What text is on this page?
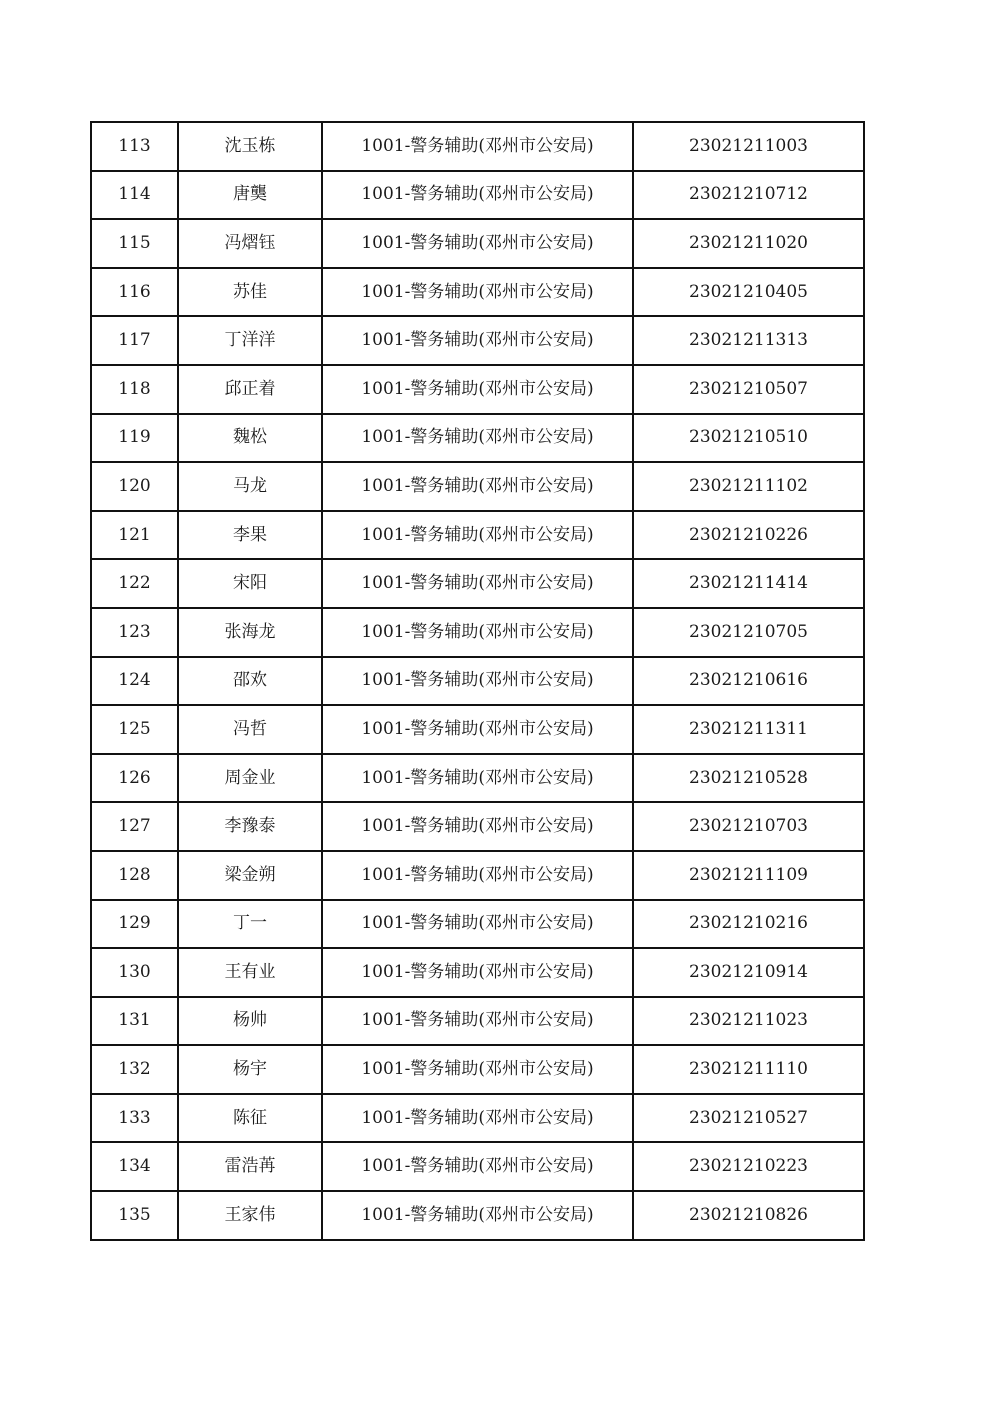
113	沈玉栋	1001-警务辅助(邓州市公安局)	23021211003
114	唐龑	1001-警务辅助(邓州市公安局)	23021210712
115	冯熠钰	1001-警务辅助(邓州市公安局)	23021211020
116	苏佳	1001-警务辅助(邓州市公安局)	23021210405
117	丁洋洋	1001-警务辅助(邓州市公安局)	23021211313
118	邱正着	1001-警务辅助(邓州市公安局)	23021210507
119	魏松	1001-警务辅助(邓州市公安局)	23021210510
120	马龙	1001-警务辅助(邓州市公安局)	23021211102
121	李果	1001-警务辅助(邓州市公安局)	23021210226
122	宋阳	1001-警务辅助(邓州市公安局)	23021211414
123	张海龙	1001-警务辅助(邓州市公安局)	23021210705
124	邵欢	1001-警务辅助(邓州市公安局)	23021210616
125	冯哲	1001-警务辅助(邓州市公安局)	23021211311
126	周金业	1001-警务辅助(邓州市公安局)	23021210528
127	李豫泰	1001-警务辅助(邓州市公安局)	23021210703
128	梁金朔	1001-警务辅助(邓州市公安局)	23021211109
129	丁一	1001-警务辅助(邓州市公安局)	23021210216
130	王有业	1001-警务辅助(邓州市公安局)	23021210914
131	杨帅	1001-警务辅助(邓州市公安局)	23021211023
132	杨宇	1001-警务辅助(邓州市公安局)	23021211110
133	陈征	1001-警务辅助(邓州市公安局)	23021210527
134	雷浩苒	1001-警务辅助(邓州市公安局)	23021210223
135	王家伟	1001-警务辅助(邓州市公安局)	23021210826
